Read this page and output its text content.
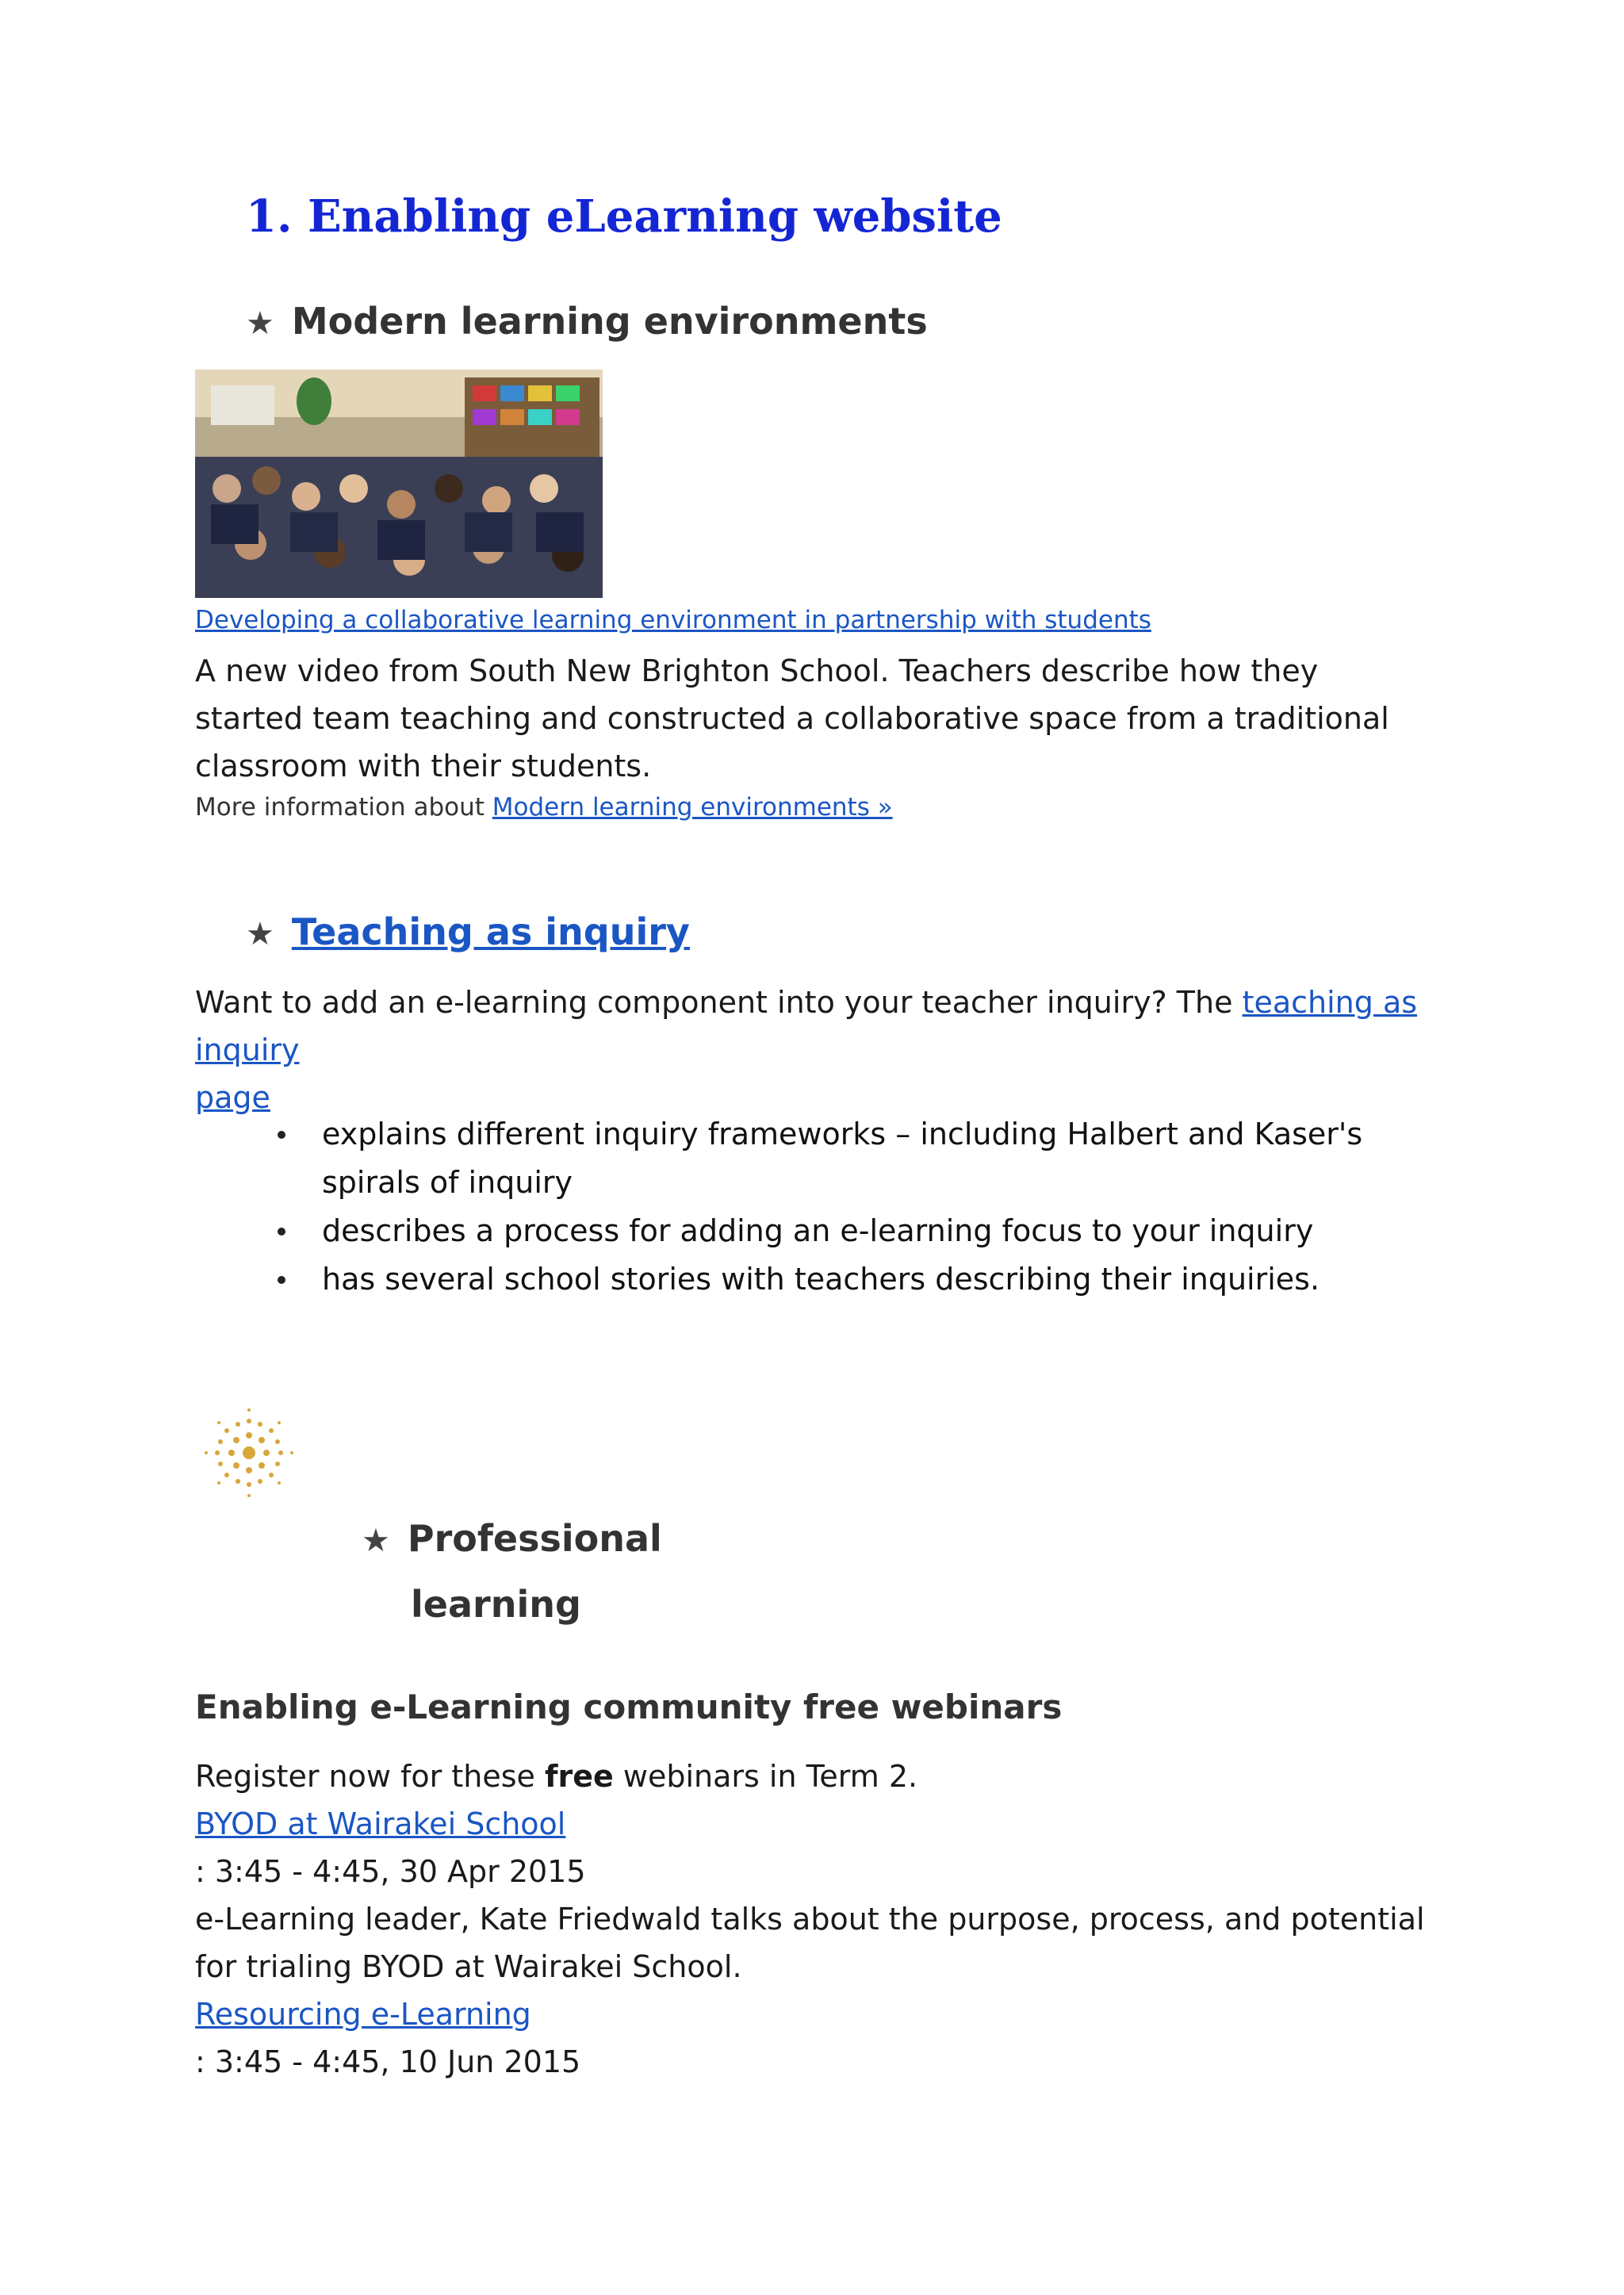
1. Enabling eLearning website
★ Modern learning environments
Developing a collaborative learning environment in partnership with students
A new video from South New Brighton School. Teachers describe how they started team teaching and constructed a collaborative space from a traditional classroom with their students.
More information about Modern learning environments »
★ Teaching as inquiry
Want to add an e-learning component into your teacher inquiry? The teaching as inquiry
page
explains different inquiry frameworks – including Halbert and Kaser's spirals of inquiry
describes a process for adding an e-learning focus to your inquiry
has several school stories with teachers describing their inquiries.
★ Professional
learning
Enabling e-Learning community free webinars
Register now for these free webinars in Term 2.
BYOD at Wairakei School
: 3:45 - 4:45, 30 Apr 2015
e-Learning leader, Kate Friedwald talks about the purpose, process, and potential for trialing BYOD at Wairakei School.
Resourcing e-Learning
: 3:45 - 4:45, 10 Jun 2015
